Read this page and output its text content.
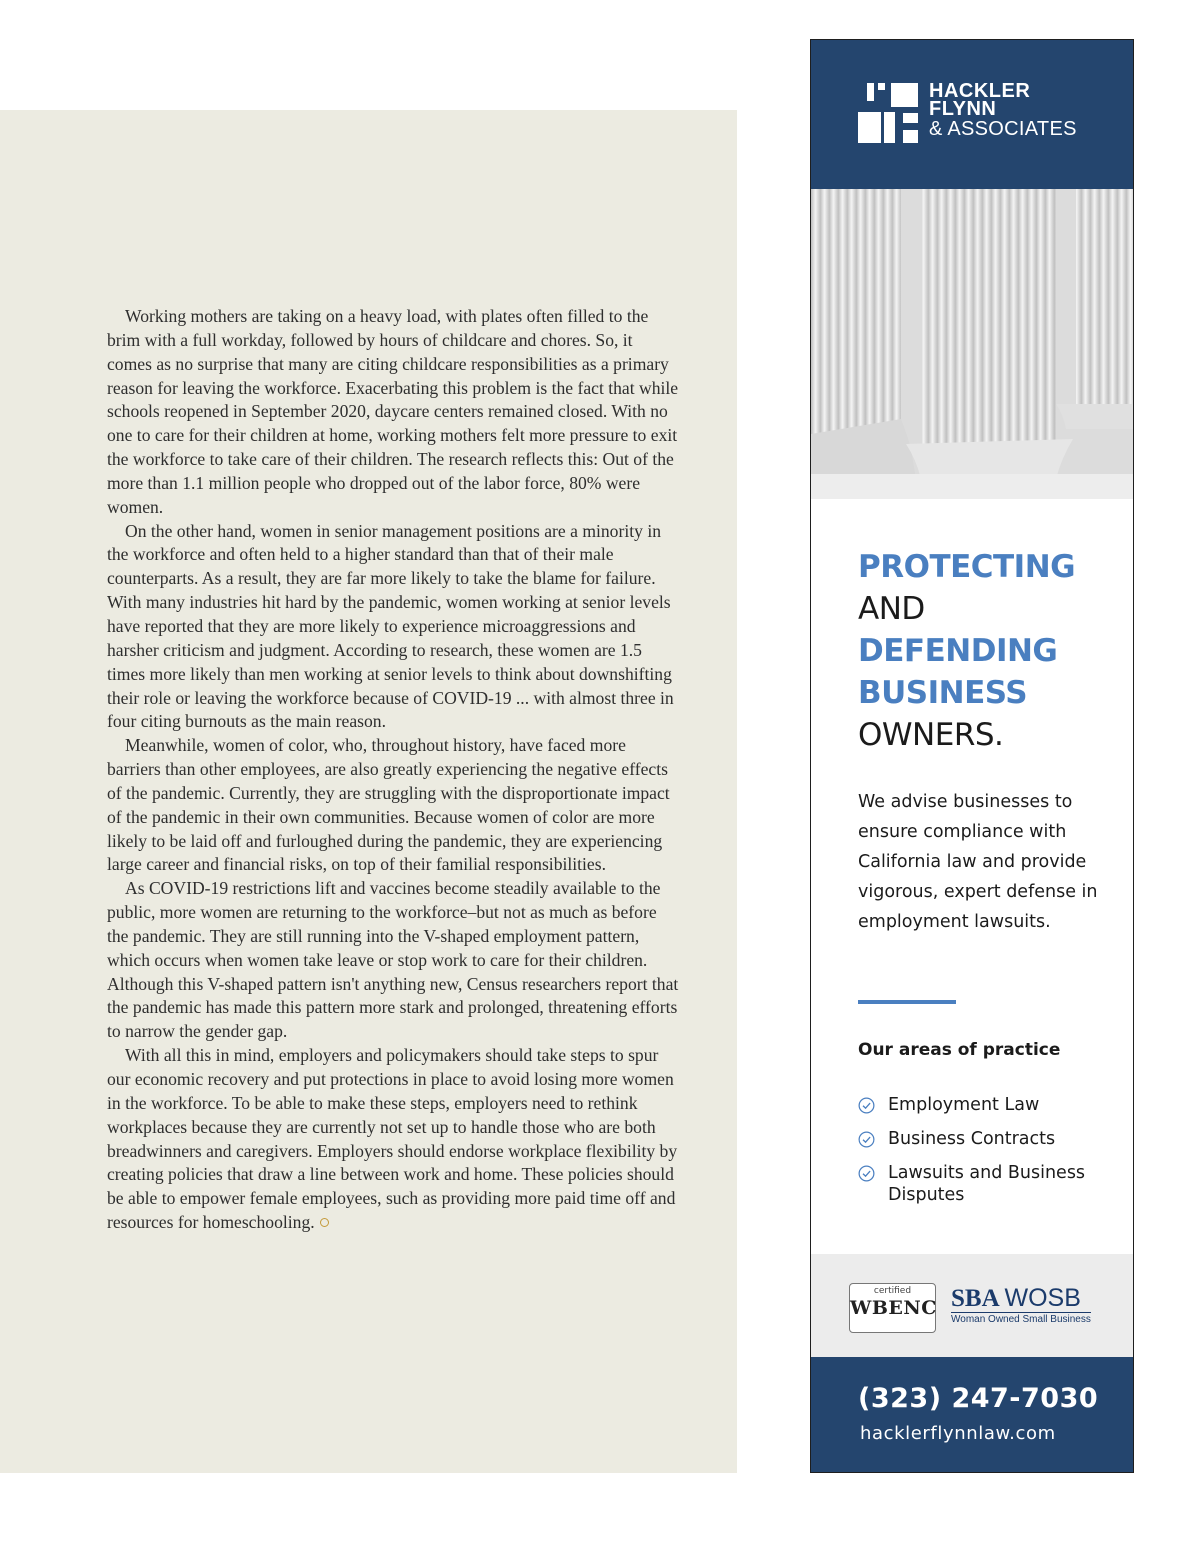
Working mothers are taking on a heavy load, with plates often filled to the brim with a full workday, followed by hours of childcare and chores. So, it comes as no surprise that many are citing childcare responsibilities as a primary reason for leaving the workforce. Exacerbating this problem is the fact that while schools reopened in September 2020, daycare centers remained closed. With no one to care for their children at home, working mothers felt more pressure to exit the workforce to take care of their children. The research reflects this: Out of the more than 1.1 million people who dropped out of the labor force, 80% were women.

On the other hand, women in senior management positions are a minority in the workforce and often held to a higher standard than that of their male counterparts. As a result, they are far more likely to take the blame for failure. With many industries hit hard by the pandemic, women working at senior levels have reported that they are more likely to experience microaggressions and harsher criticism and judgment. According to research, these women are 1.5 times more likely than men working at senior levels to think about downshifting their role or leaving the workforce because of COVID-19 ... with almost three in four citing burnouts as the main reason.

Meanwhile, women of color, who, throughout history, have faced more barriers than other employees, are also greatly experiencing the negative effects of the pandemic. Currently, they are struggling with the disproportionate impact of the pandemic in their own communities. Because women of color are more likely to be laid off and furloughed during the pandemic, they are experiencing large career and financial risks, on top of their familial responsibilities.

As COVID-19 restrictions lift and vaccines become steadily available to the public, more women are returning to the workforce–but not as much as before the pandemic. They are still running into the V-shaped employment pattern, which occurs when women take leave or stop work to care for their children. Although this V-shaped pattern isn't anything new, Census researchers report that the pandemic has made this pattern more stark and prolonged, threatening efforts to narrow the gender gap.

With all this in mind, employers and policymakers should take steps to spur our economic recovery and put protections in place to avoid losing more women in the workforce. To be able to make these steps, employers need to rethink workplaces because they are currently not set up to handle those who are both breadwinners and caregivers. Employers should endorse workplace flexibility by creating policies that draw a line between work and home. These policies should be able to empower female employees, such as providing more paid time off and resources for homeschooling.

HACKLER
FLYNN
& ASSOCIATES
PROTECTING
AND
DEFENDING
BUSINESS
OWNERS.
We advise businesses to ensure compliance with California law and provide vigorous, expert defense in employment lawsuits.
Our areas of practice
Employment Law
Business Contracts
Lawsuits and Business Disputes
certified
WBENC SBA WOSB
Woman Owned Small Business
(323) 247-7030
hacklerflynnlaw.com
